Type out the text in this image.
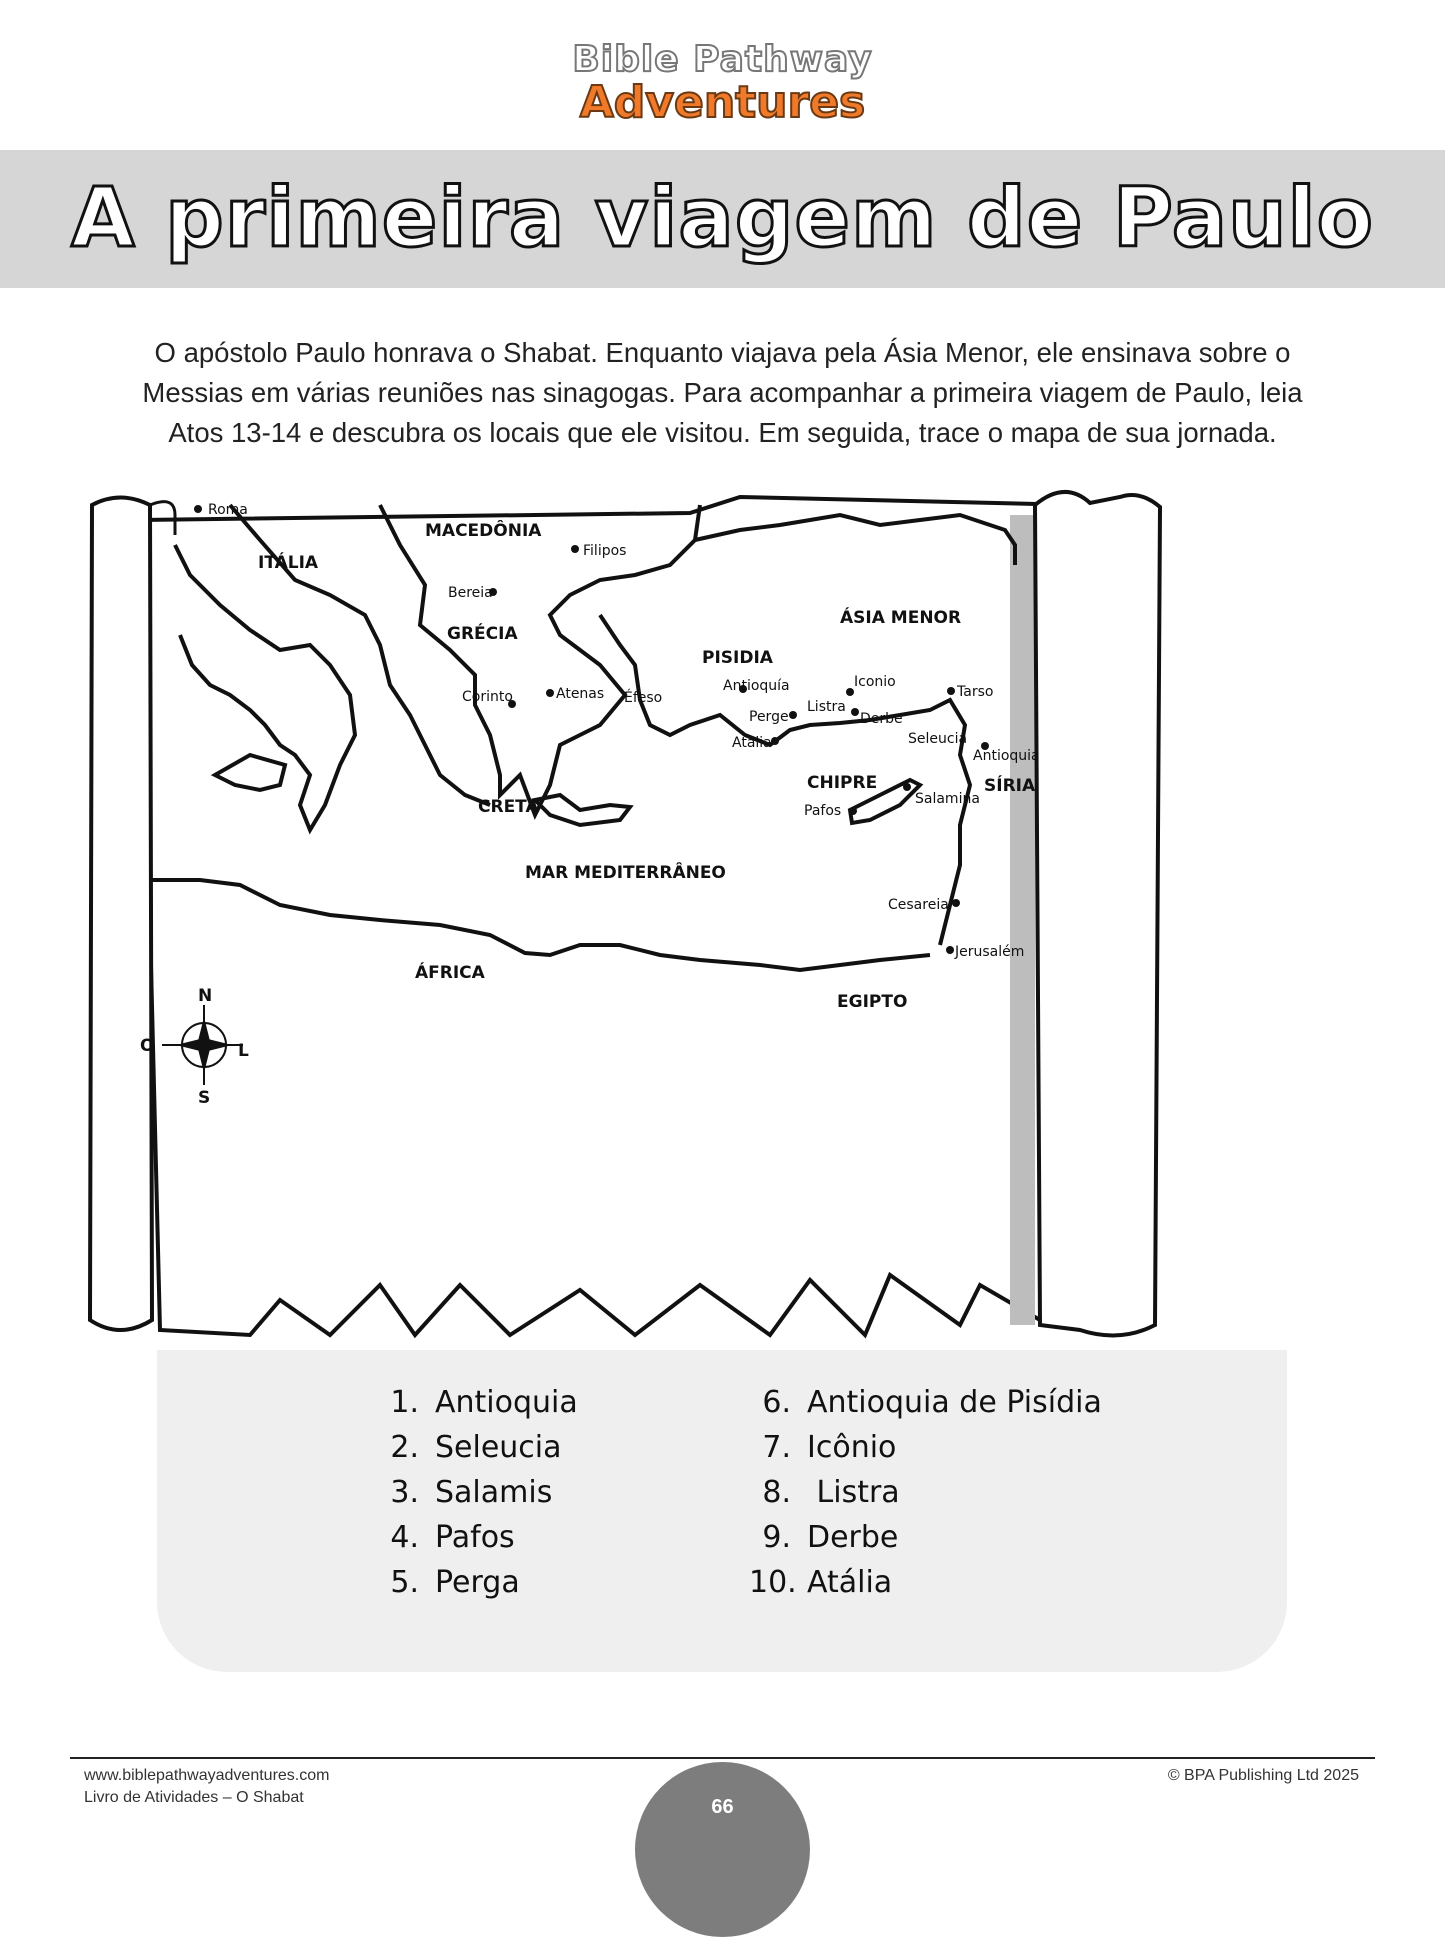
Bible Pathway
Adventures
A primeira viagem de Paulo
O apóstolo Paulo honrava o Shabat. Enquanto viajava pela Ásia Menor, ele ensinava sobre o
Messias em várias reuniões nas sinagogas. Para acompanhar a primeira viagem de Paulo, leia
Atos 13-14 e descubra os locais que ele visitou. Em seguida, trace o mapa de sua jornada.
ITÁLIA
MACEDÔNIA
GRÉCIA
ÁSIA MENOR
PISIDIA
CHIPRE	SÍRIA
CRETA
MAR MEDITERRÂNEO
ÁFRICA
EGIPTO
Roma
Filipos
Bereia
Corinto	Atenas Éfeso
Antioquía	Iconio
Tarso
Listra
Derbe
Perge
Atalia	Seleucia
Antioquia
Pafos
Salamina
Cesareia
Jerusalém
N
S
O	L
1. Antioquia
2. Seleucia
3. Salamis
4. Pafos
5. Perga
6. Antioquia de Pisídia
7. Icônio
8. Listra
9. Derbe
10. Atália
www.biblepathwayadventures.com
Livro de Atividades – O Shabat
© BPA Publishing Ltd 2025
66
